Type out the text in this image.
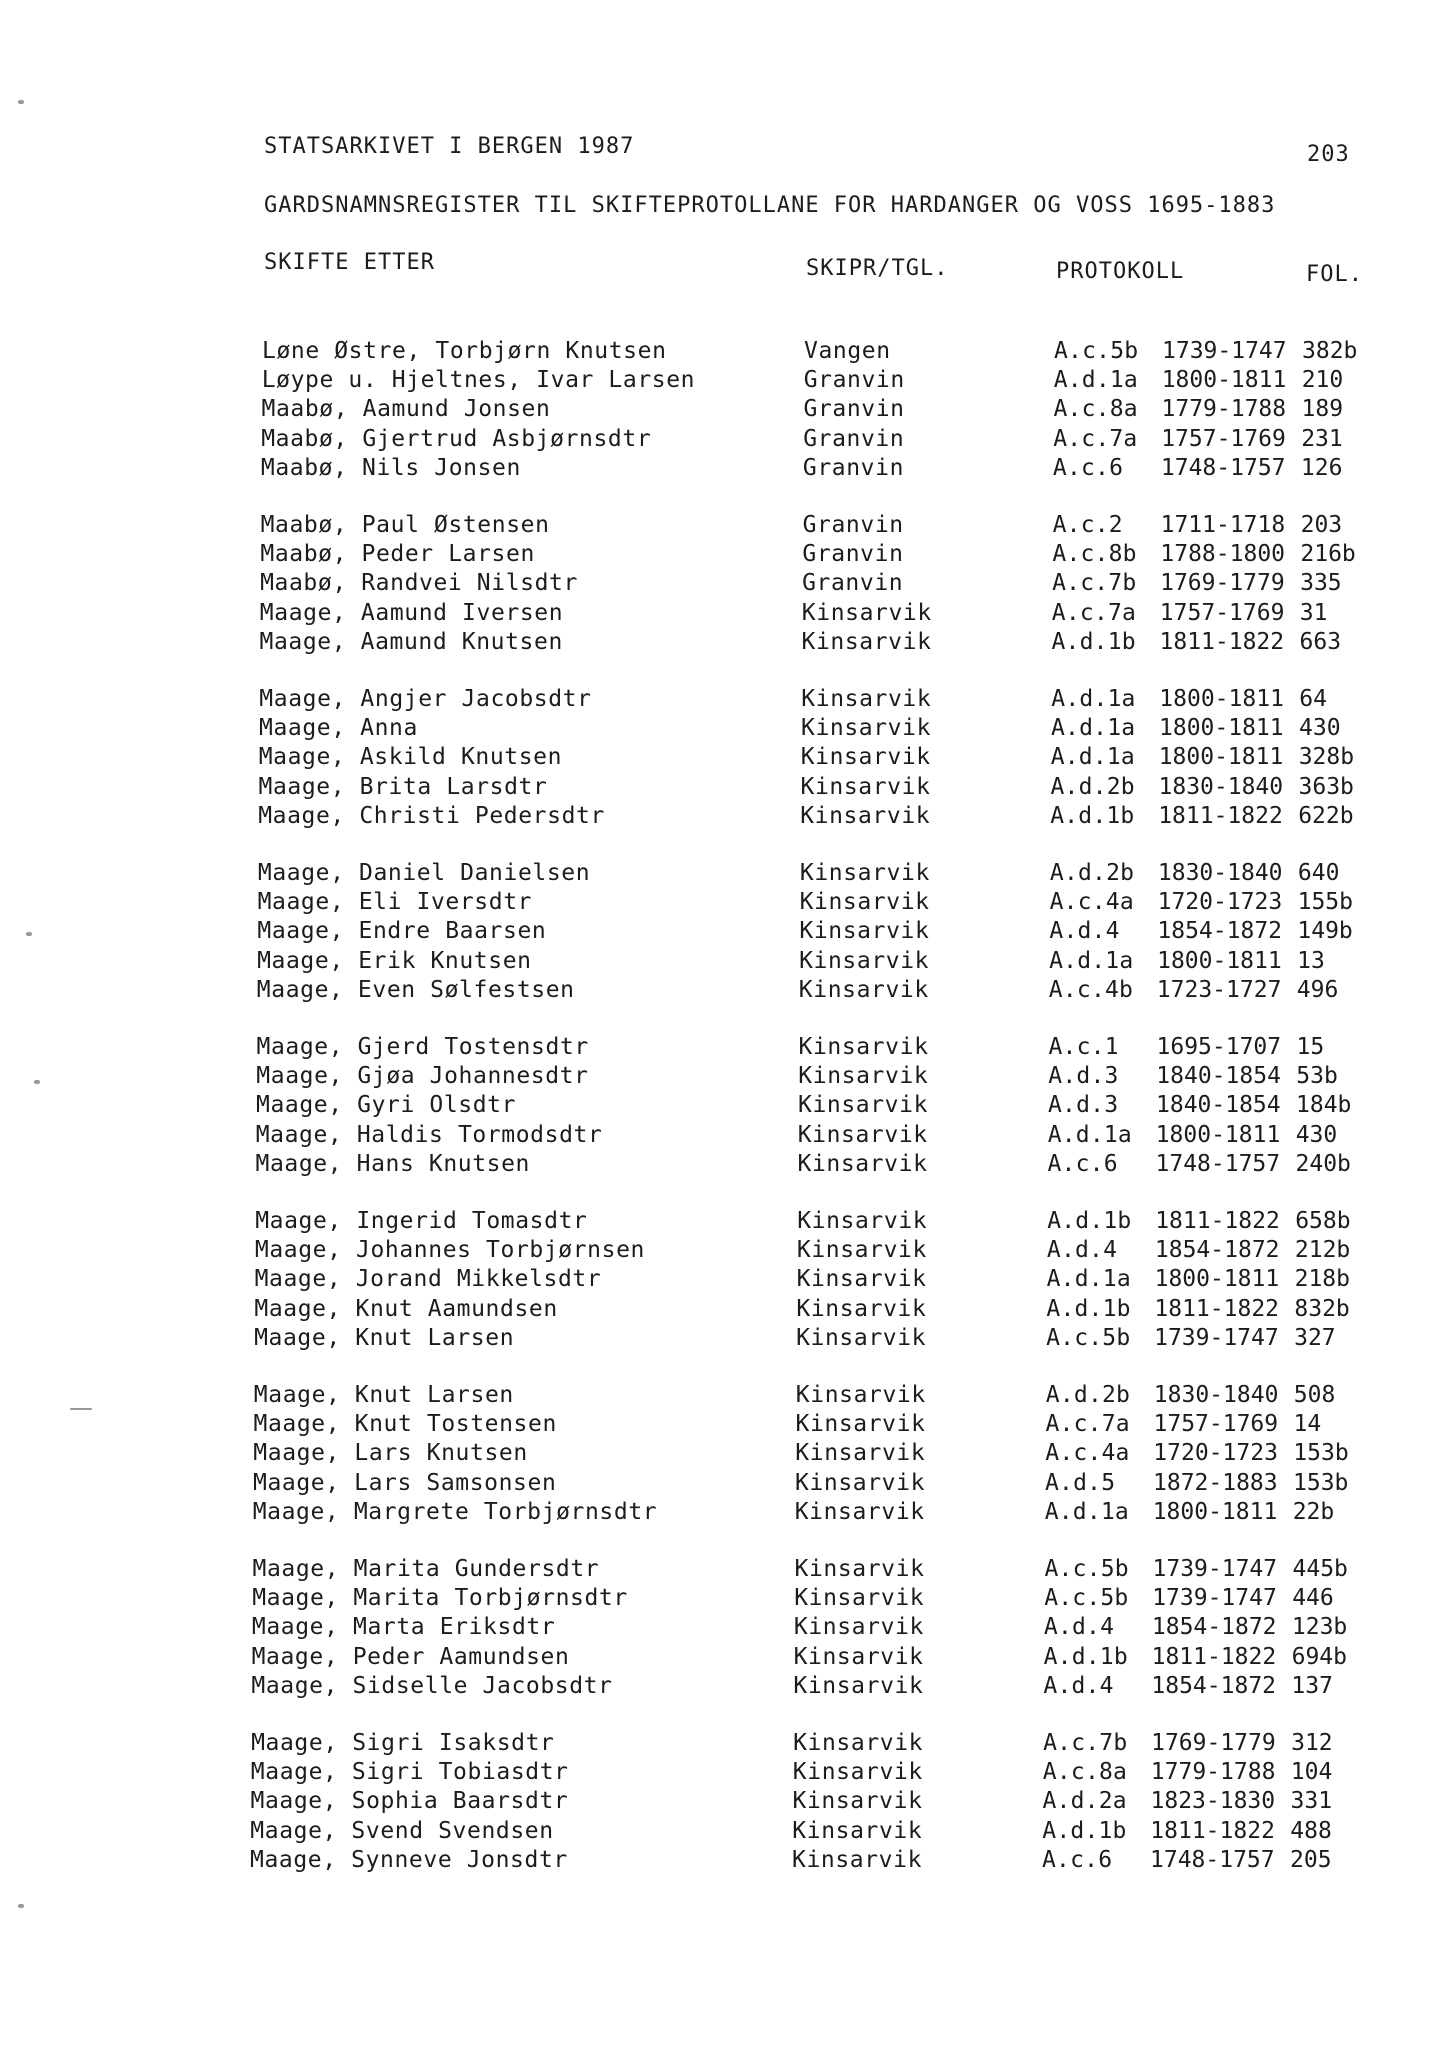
STATSARKIVET I BERGEN 1987	203
GARDSNAMNSREGISTER TIL SKIFTEPROTOLLANE FOR HARDANGER OG VOSS 1695-1883
SKIFTE ETTER	SKIPR/TGL.	PROTOKOLL	FOL.
Løne Østre, Torbjørn Knutsen	Vangen	A.c.5b 1739-1747 382b
Løype u. Hjeltnes, Ivar Larsen	Granvin	A.d.1a 1800-1811 210
Maabø, Aamund Jonsen	Granvin	A.c.8a 1779-1788 189
Maabø, Gjertrud Asbjørnsdtr	Granvin	A.c.7a 1757-1769 231
Maabø, Nils Jonsen	Granvin	A.c.6 1748-1757 126
Maabø, Paul Østensen	Granvin	A.c.2 1711-1718 203
Maabø, Peder Larsen	Granvin	A.c.8b 1788-1800 216b
Maabø, Randvei Nilsdtr	Granvin	A.c.7b 1769-1779 335
Maage, Aamund Iversen	Kinsarvik	A.c.7a 1757-1769 31
Maage, Aamund Knutsen	Kinsarvik	A.d.1b 1811-1822 663
Maage, Angjer Jacobsdtr	Kinsarvik	A.d.1a 1800-1811 64
Maage, Anna	Kinsarvik	A.d.1a 1800-1811 430
Maage, Askild Knutsen	Kinsarvik	A.d.1a 1800-1811 328b
Maage, Brita Larsdtr	Kinsarvik	A.d.2b 1830-1840 363b
Maage, Christi Pedersdtr	Kinsarvik	A.d.1b 1811-1822 622b
Maage, Daniel Danielsen	Kinsarvik	A.d.2b 1830-1840 640
Maage, Eli Iversdtr	Kinsarvik	A.c.4a 1720-1723 155b
Maage, Endre Baarsen	Kinsarvik	A.d.4 1854-1872 149b
Maage, Erik Knutsen	Kinsarvik	A.d.1a 1800-1811 13
Maage, Even Sølfestsen	Kinsarvik	A.c.4b 1723-1727 496
Maage, Gjerd Tostensdtr	Kinsarvik	A.c.1 1695-1707 15
Maage, Gjøa Johannesdtr	Kinsarvik	A.d.3 1840-1854 53b
Maage, Gyri Olsdtr	Kinsarvik	A.d.3 1840-1854 184b
Maage, Haldis Tormodsdtr	Kinsarvik	A.d.1a 1800-1811 430
Maage, Hans Knutsen	Kinsarvik	A.c.6 1748-1757 240b
Maage, Ingerid Tomasdtr	Kinsarvik	A.d.1b 1811-1822 658b
Maage, Johannes Torbjørnsen	Kinsarvik	A.d.4 1854-1872 212b
Maage, Jorand Mikkelsdtr	Kinsarvik	A.d.1a 1800-1811 218b
Maage, Knut Aamundsen	Kinsarvik	A.d.1b 1811-1822 832b
Maage, Knut Larsen	Kinsarvik	A.c.5b 1739-1747 327
Maage, Knut Larsen	Kinsarvik	A.d.2b 1830-1840 508
Maage, Knut Tostensen	Kinsarvik	A.c.7a 1757-1769 14
Maage, Lars Knutsen	Kinsarvik	A.c.4a 1720-1723 153b
Maage, Lars Samsonsen	Kinsarvik	A.d.5 1872-1883 153b
Maage, Margrete Torbjørnsdtr	Kinsarvik	A.d.1a 1800-1811 22b
Maage, Marita Gundersdtr	Kinsarvik	A.c.5b 1739-1747 445b
Maage, Marita Torbjørnsdtr	Kinsarvik	A.c.5b 1739-1747 446
Maage, Marta Eriksdtr	Kinsarvik	A.d.4 1854-1872 123b
Maage, Peder Aamundsen	Kinsarvik	A.d.1b 1811-1822 694b
Maage, Sidselle Jacobsdtr	Kinsarvik	A.d.4 1854-1872 137
Maage, Sigri Isaksdtr	Kinsarvik	A.c.7b 1769-1779 312
Maage, Sigri Tobiasdtr	Kinsarvik	A.c.8a 1779-1788 104
Maage, Sophia Baarsdtr	Kinsarvik	A.d.2a 1823-1830 331
Maage, Svend Svendsen	Kinsarvik	A.d.1b 1811-1822 488
Maage, Synneve Jonsdtr	Kinsarvik	A.c.6 1748-1757 205
